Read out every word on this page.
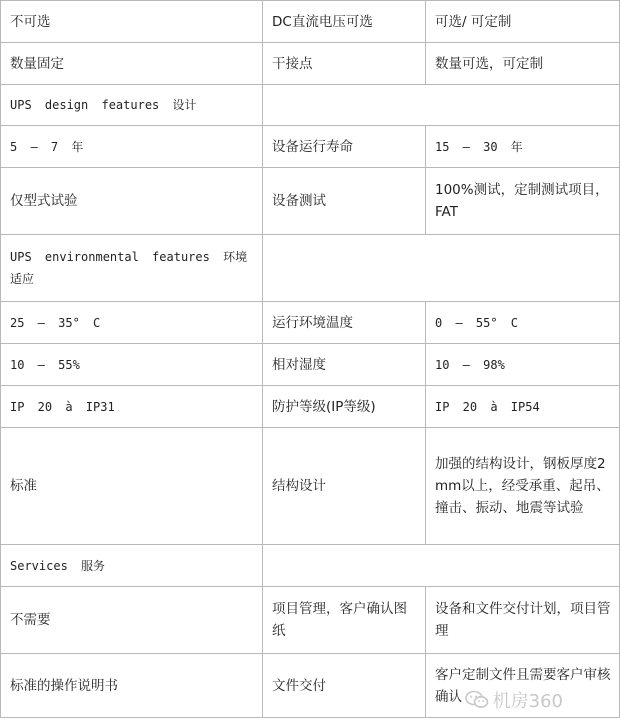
不可选	DC直流电压可选	可选/ 可定制
数量固定	干接点	数量可选，可定制
UPS design features 设计		
5 – 7 年	设备运行寿命	15 – 30 年
仅型式试验	设备测试	100%测试，定制测试项目，FAT
UPS environmental features 环境适应		
25 – 35° C	运行环境温度	0 – 55° C
10 – 55%	相对湿度	10 – 98%
IP 20 à IP31	防护等级(IP等级)	IP 20 à IP54
标准	结构设计	加强的结构设计，钢板厚度2mm以上，经受承重、起吊、撞击、振动、地震等试验
Services 服务		
不需要	项目管理，客户确认图纸	设备和文件交付计划，项目管理
标准的操作说明书	文件交付	客户定制文件且需要客户审核确认 机房360
